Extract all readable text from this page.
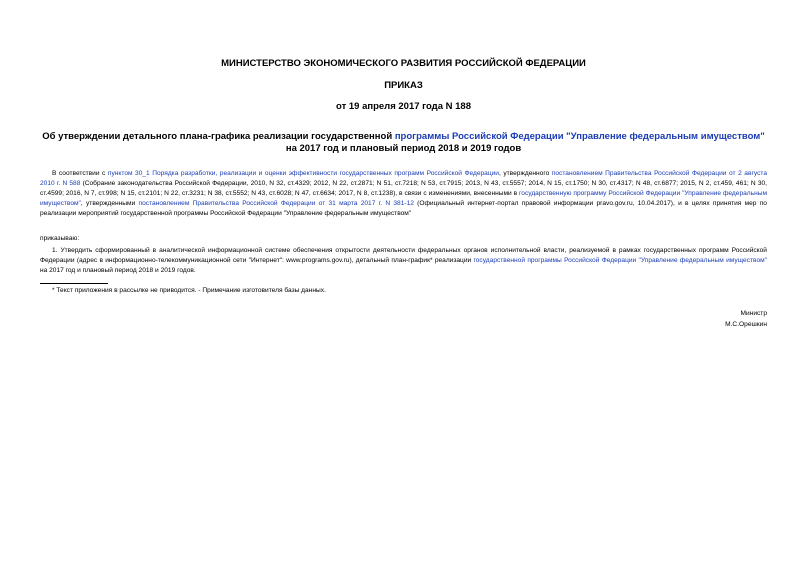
МИНИСТЕРСТВО ЭКОНОМИЧЕСКОГО РАЗВИТИЯ РОССИЙСКОЙ ФЕДЕРАЦИИ
ПРИКАЗ
от 19 апреля 2017 года N 188
Об утверждении детального плана-графика реализации государственной программы Российской Федерации "Управление федеральным имуществом" на 2017 год и плановый период 2018 и 2019 годов
В соответствии с пунктом 30_1 Порядка разработки, реализации и оценки эффективности государственных программ Российской Федерации, утвержденного постановлением Правительства Российской Федерации от 2 августа 2010 г. N 588 (Собрание законодательства Российской Федерации, 2010, N 32, ст.4329; 2012, N 22, ст.2871; N 51, ст.7218; N 53, ст.7915; 2013, N 43, ст.5557; 2014, N 15, ст.1750; N 30, ст.4317; N 48, ст.6877; 2015, N 2, ст.459, 461; N 30, ст.4599; 2016, N 7, ст.998; N 15, ст.2101; N 22, ст.3231; N 38, ст.5552; N 43, ст.6028; N 47, ст.6634; 2017, N 8, ст.1238), в связи с изменениями, внесенными в государственную программу Российской Федерации "Управление федеральным имуществом", утвержденными постановлением Правительства Российской Федерации от 31 марта 2017 г. N 381-12 (Официальный интернет-портал правовой информации pravo.gov.ru, 10.04.2017), и в целях принятия мер по реализации мероприятий государственной программы Российской Федерации "Управление федеральным имуществом"
приказываю:
1. Утвердить сформированный в аналитической информационной системе обеспечения открытости деятельности федеральных органов исполнительной власти, реализуемой в рамках государственных программ Российской Федерации (адрес в информационно-телекоммуникационной сети "Интернет": www.programs.gov.ru), детальный план-график* реализации государственной программы Российской Федерации "Управление федеральным имуществом" на 2017 год и плановый период 2018 и 2019 годов.
* Текст приложения в рассылке не приводится. - Примечание изготовителя базы данных.
Министр
М.С.Орешкин
